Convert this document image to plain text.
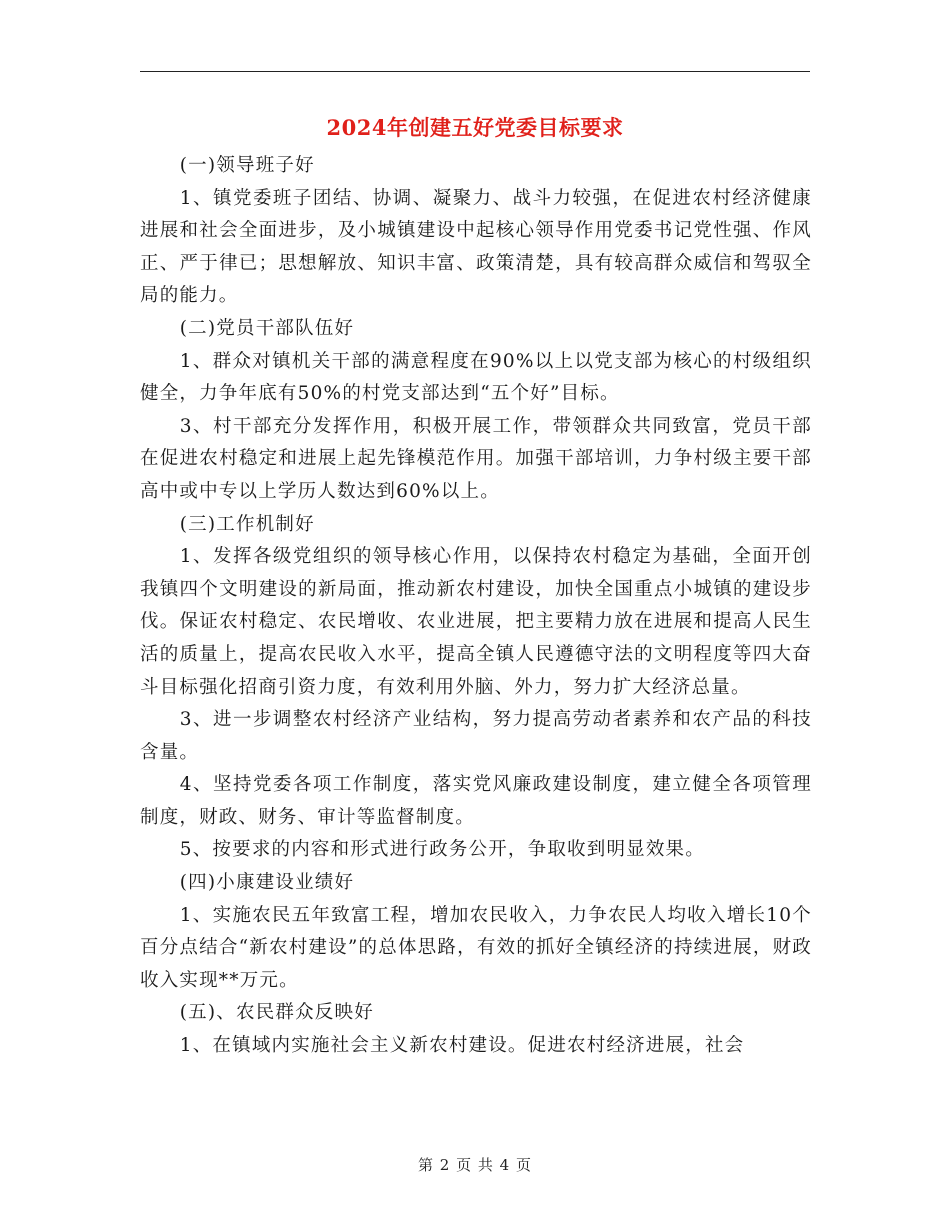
2024年创建五好党委目标要求

(一)领导班子好

1、镇党委班子团结、协调、凝聚力、战斗力较强，在促进农村经济健康进展和社会全面进步，及小城镇建设中起核心领导作用党委书记党性强、作风正、严于律已；思想解放、知识丰富、政策清楚，具有较高群众威信和驾驭全局的能力。

(二)党员干部队伍好

1、群众对镇机关干部的满意程度在90%以上以党支部为核心的村级组织健全，力争年底有50%的村党支部达到“五个好”目标。

3、村干部充分发挥作用，积极开展工作，带领群众共同致富，党员干部在促进农村稳定和进展上起先锋模范作用。加强干部培训，力争村级主要干部高中或中专以上学历人数达到60%以上。

(三)工作机制好

1、发挥各级党组织的领导核心作用，以保持农村稳定为基础，全面开创我镇四个文明建设的新局面，推动新农村建设，加快全国重点小城镇的建设步伐。保证农村稳定、农民增收、农业进展，把主要精力放在进展和提高人民生活的质量上，提高农民收入水平，提高全镇人民遵德守法的文明程度等四大奋斗目标强化招商引资力度，有效利用外脑、外力，努力扩大经济总量。

3、进一步调整农村经济产业结构，努力提高劳动者素养和农产品的科技含量。

4、坚持党委各项工作制度，落实党风廉政建设制度，建立健全各项管理制度，财政、财务、审计等监督制度。

5、按要求的内容和形式进行政务公开，争取收到明显效果。

(四)小康建设业绩好

1、实施农民五年致富工程，增加农民收入，力争农民人均收入增长10个百分点结合“新农村建设”的总体思路，有效的抓好全镇经济的持续进展，财政收入实现**万元。

(五)、农民群众反映好

1、在镇域内实施社会主义新农村建设。促进农村经济进展，社会

第 2 页 共 4 页
